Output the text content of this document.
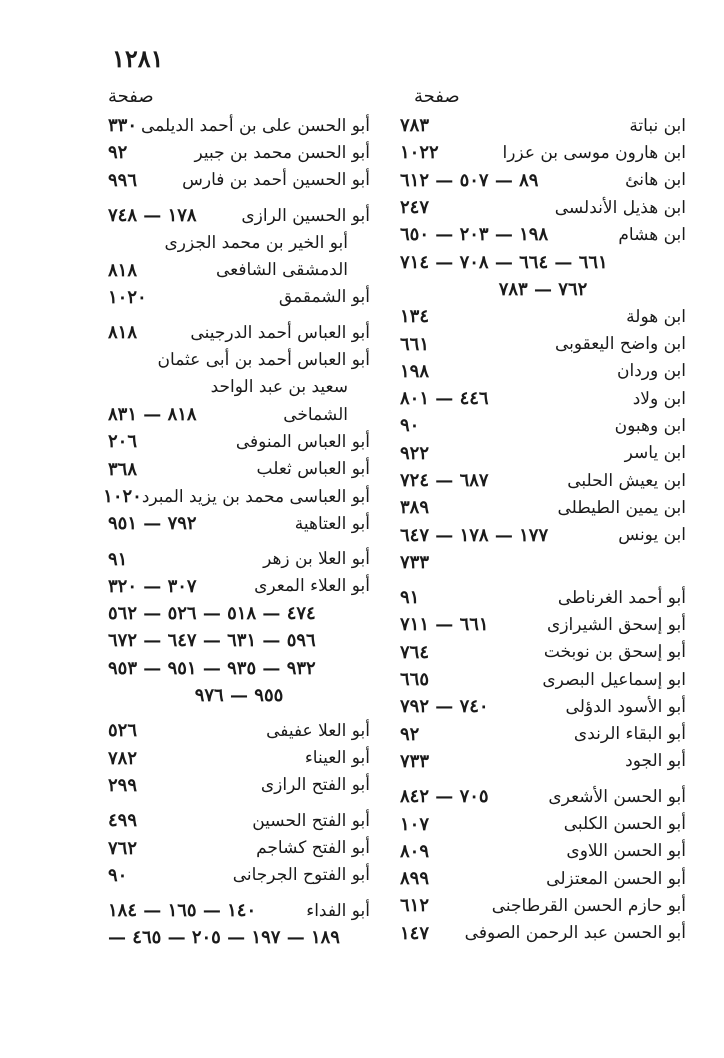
١٢٨١
صفحة	صفحة
أبو الحسن على بن أحمد الديلمى
٣٣٠
أبو الحسن محمد بن جبير
٩٢
أبو الحسين أحمد بن فارس
٩٩٦
أبو الحسين الرازى
١٧٨ — ٧٤٨
أبو الخير بن محمد الجزرى
الدمشقى الشافعى
٨١٨
أبو الشمقمق
١٠٢٠
أبو العباس أحمد الدرجينى
٨١٨
أبو العباس أحمد بن أبى عثمان
سعيد بن عبد الواحد
الشماخى
٨١٨ — ٨٣١
أبو العباس المنوفى
٢٠٦
أبو العباس ثعلب
٣٦٨
أبو العباسى محمد بن يزيد المبرد
١٠٢٠
أبو العتاهية
٧٩٢ — ٩٥١
أبو العلا بن زهر
٩١
أبو العلاء المعرى
٣٠٧ — ٣٢٠
٤٧٤ — ٥١٨ — ٥٢٦ — ٥٦٢
٥٩٦ — ٦٣١ — ٦٤٧ — ٦٧٢
٩٣٢ — ٩٣٥ — ٩٥١ — ٩٥٣
٩٥٥ — ٩٧٦
أبو العلا عفيفى
٥٢٦
أبو العيناء
٧٨٢
أبو الفتح الرازى
٢٩٩
أبو الفتح الحسين
٤٩٩
أبو الفتح كشاجم
٧٦٢
أبو الفتوح الجرجانى
٩٠
أبو الفداء
١٤٠ — ١٦٥ — ١٨٤
١٨٩ — ١٩٧ — ٢٠٥ — ٤٦٥ —
ابن نباتة
٧٨٣
ابن هارون موسى بن عزرا
١٠٢٢
ابن هانئ
٨٩ — ٥٠٧ — ٦١٢
ابن هذيل الأندلسى
٢٤٧
ابن هشام
١٩٨ — ٢٠٣ — ٦٥٠
٦٦١ — ٦٦٤ — ٧٠٨ — ٧١٤
٧٦٢ — ٧٨٣
ابن هولة
١٣٤
ابن واضح اليعقوبى
٦٦١
ابن وردان
١٩٨
ابن ولاد
٤٤٦ — ٨٠١
ابن وهبون
٩٠
ابن ياسر
٩٢٢
ابن يعيش الحلبى
٦٨٧ — ٧٢٤
ابن يمين الطيطلى
٣٨٩
ابن يونس
١٧٧ — ١٧٨ — ٦٤٧
٧٣٣
أبو أحمد الغرناطى
٩١
أبو إسحق الشيرازى
٦٦١ — ٧١١
أبو إسحق بن نوبخت
٧٦٤
ابو إسماعيل البصرى
٦٦٥
أبو الأسود الدؤلى
٧٤٠ — ٧٩٢
أبو البقاء الرندى
٩٢
أبو الجود
٧٣٣
أبو الحسن الأشعرى
٧٠٥ — ٨٤٢
أبو الحسن الكلبى
١٠٧
أبو الحسن اللاوى
٨٠٩
أبو الحسن المعتزلى
٨٩٩
أبو حازم الحسن القرطاجنى
٦١٢
أبو الحسن عبد الرحمن الصوفى
١٤٧
